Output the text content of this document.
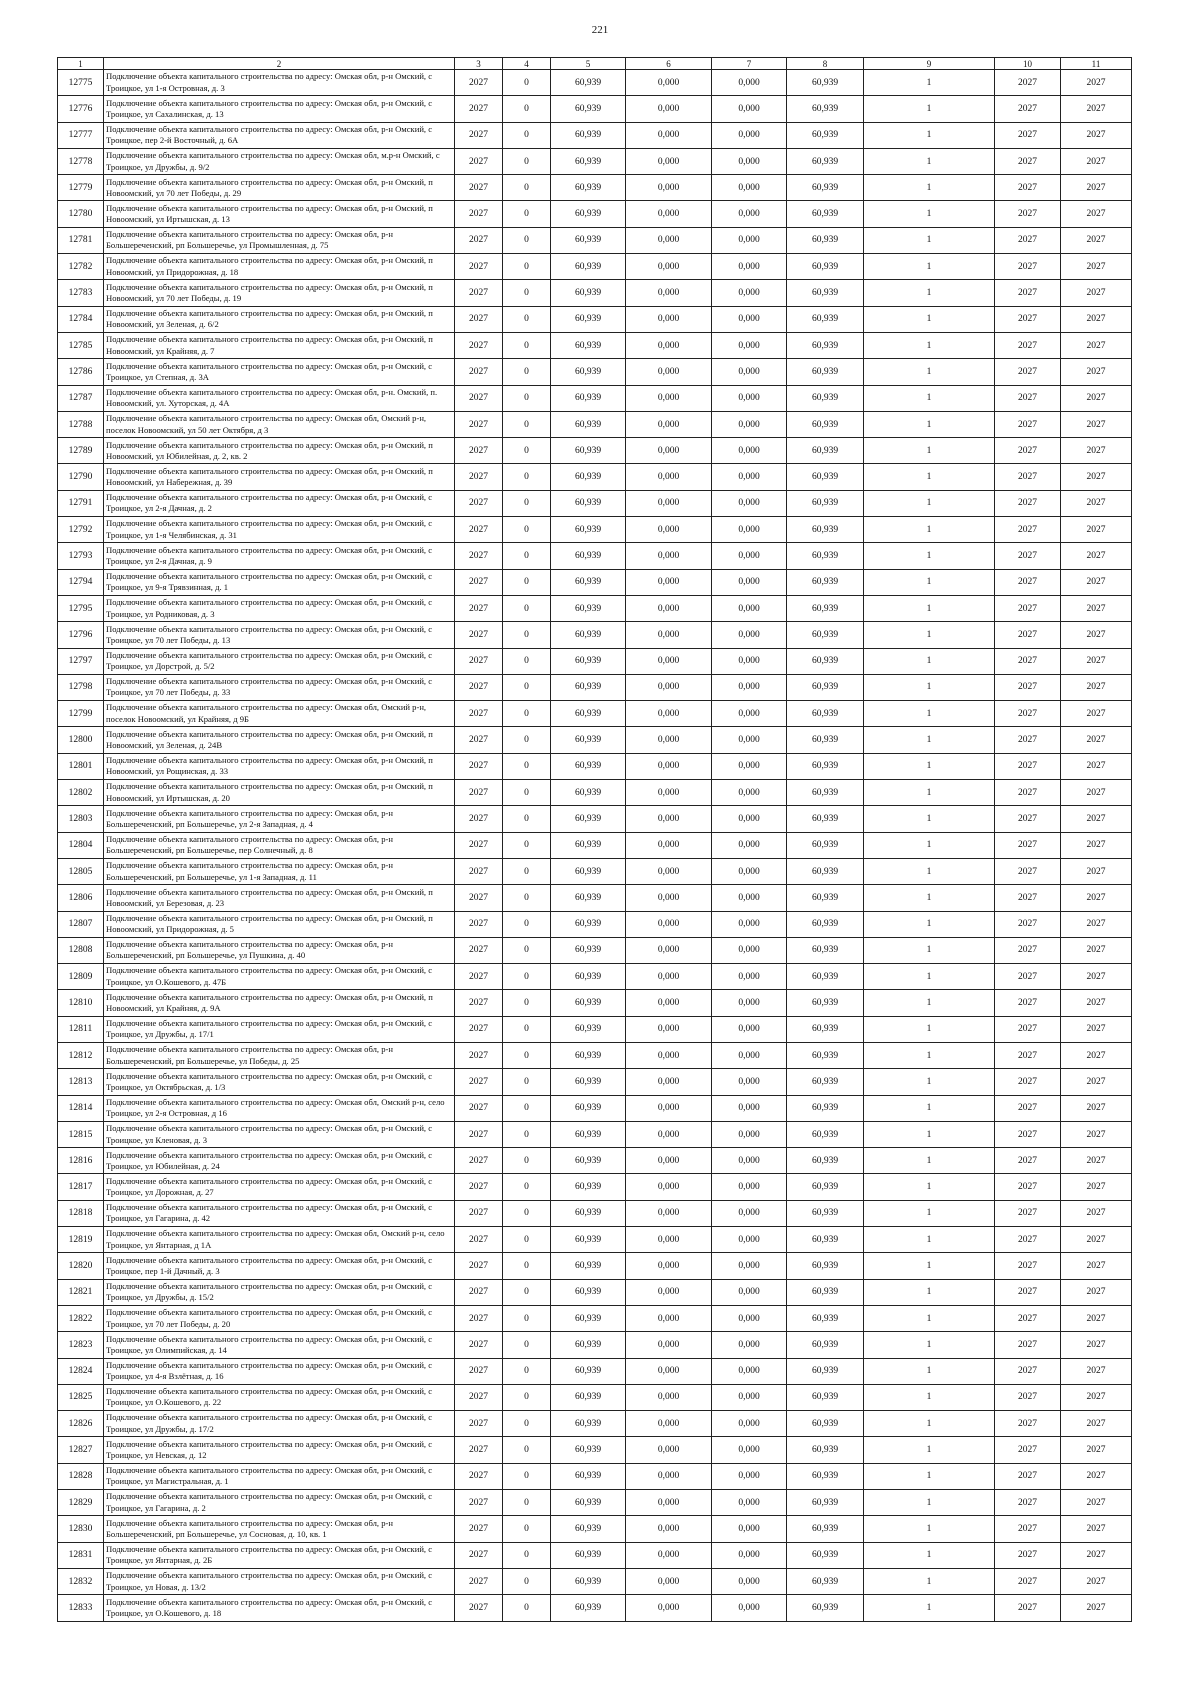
221
1	2	3	4	5	6	7	8	9	10	11
12775	Подключение объекта капитального строительства по адресу: Омская обл, р-н Омский, с Троицкое, ул 1-я Островная, д. 3	2027	0	60,939	0,000	0,000	60,939	1	2027	2027
12776	Подключение объекта капитального строительства по адресу: Омская обл, р-н Омский, с Троицкое, ул Сахалинская, д. 13	2027	0	60,939	0,000	0,000	60,939	1	2027	2027
12777	Подключение объекта капитального строительства по адресу: Омская обл, р-н Омский, с Троицкое, пер 2-й Восточный, д. 6А	2027	0	60,939	0,000	0,000	60,939	1	2027	2027
12778	Подключение объекта капитального строительства по адресу: Омская обл, м.р-н Омский, с Троицкое, ул Дружбы, д. 9/2	2027	0	60,939	0,000	0,000	60,939	1	2027	2027
12779	Подключение объекта капитального строительства по адресу: Омская обл, р-н Омский, п Новоомский, ул 70 лет Победы, д. 29	2027	0	60,939	0,000	0,000	60,939	1	2027	2027
12780	Подключение объекта капитального строительства по адресу: Омская обл, р-н Омский, п Новоомский, ул Иртышская, д. 13	2027	0	60,939	0,000	0,000	60,939	1	2027	2027
12781	Подключение объекта капитального строительства по адресу: Омская обл, р-н Большереченский, рп Большеречье, ул Промышленная, д. 75	2027	0	60,939	0,000	0,000	60,939	1	2027	2027
12782	Подключение объекта капитального строительства по адресу: Омская обл, р-н Омский, п Новоомский, ул Придорожная, д. 18	2027	0	60,939	0,000	0,000	60,939	1	2027	2027
12783	Подключение объекта капитального строительства по адресу: Омская обл, р-н Омский, п Новоомский, ул 70 лет Победы, д. 19	2027	0	60,939	0,000	0,000	60,939	1	2027	2027
12784	Подключение объекта капитального строительства по адресу: Омская обл, р-н Омский, п Новоомский, ул Зеленая, д. 6/2	2027	0	60,939	0,000	0,000	60,939	1	2027	2027
12785	Подключение объекта капитального строительства по адресу: Омская обл, р-н Омский, п Новоомский, ул Крайняя, д. 7	2027	0	60,939	0,000	0,000	60,939	1	2027	2027
12786	Подключение объекта капитального строительства по адресу: Омская обл, р-н Омский, с Троицкое, ул Степная, д. 3А	2027	0	60,939	0,000	0,000	60,939	1	2027	2027
12787	Подключение объекта капитального строительства по адресу: Омская обл, р-н. Омский, п. Новоомский, ул. Хуторская, д. 4А	2027	0	60,939	0,000	0,000	60,939	1	2027	2027
12788	Подключение объекта капитального строительства по адресу: Омская обл, Омский р-н, поселок Новоомский, ул 50 лет Октября, д 3	2027	0	60,939	0,000	0,000	60,939	1	2027	2027
12789	Подключение объекта капитального строительства по адресу: Омская обл, р-н Омский, п Новоомский, ул Юбилейная, д. 2, кв. 2	2027	0	60,939	0,000	0,000	60,939	1	2027	2027
12790	Подключение объекта капитального строительства по адресу: Омская обл, р-н Омский, п Новоомский, ул Набережная, д. 39	2027	0	60,939	0,000	0,000	60,939	1	2027	2027
12791	Подключение объекта капитального строительства по адресу: Омская обл, р-н Омский, с Троицкое, ул 2-я Дачная, д. 2	2027	0	60,939	0,000	0,000	60,939	1	2027	2027
12792	Подключение объекта капитального строительства по адресу: Омская обл, р-н Омский, с Троицкое, ул 1-я Челябинская, д. 31	2027	0	60,939	0,000	0,000	60,939	1	2027	2027
12793	Подключение объекта капитального строительства по адресу: Омская обл, р-н Омский, с Троицкое, ул 2-я Дачная, д. 9	2027	0	60,939	0,000	0,000	60,939	1	2027	2027
12794	Подключение объекта капитального строительства по адресу: Омская обл, р-н Омский, с Троицкое, ул 9-я Трявзинная, д. 1	2027	0	60,939	0,000	0,000	60,939	1	2027	2027
12795	Подключение объекта капитального строительства по адресу: Омская обл, р-н Омский, с Троицкое, ул Родниковая, д. 3	2027	0	60,939	0,000	0,000	60,939	1	2027	2027
12796	Подключение объекта капитального строительства по адресу: Омская обл, р-н Омский, с Троицкое, ул 70 лет Победы, д. 13	2027	0	60,939	0,000	0,000	60,939	1	2027	2027
12797	Подключение объекта капитального строительства по адресу: Омская обл, р-н Омский, с Троицкое, ул Дорстрой, д. 5/2	2027	0	60,939	0,000	0,000	60,939	1	2027	2027
12798	Подключение объекта капитального строительства по адресу: Омская обл, р-н Омский, с Троицкое, ул 70 лет Победы, д. 33	2027	0	60,939	0,000	0,000	60,939	1	2027	2027
12799	Подключение объекта капитального строительства по адресу: Омская обл, Омский р-н, поселок Новоомский, ул Крайняя, д 9Б	2027	0	60,939	0,000	0,000	60,939	1	2027	2027
12800	Подключение объекта капитального строительства по адресу: Омская обл, р-н Омский, п Новоомский, ул Зеленая, д. 24В	2027	0	60,939	0,000	0,000	60,939	1	2027	2027
12801	Подключение объекта капитального строительства по адресу: Омская обл, р-н Омский, п Новоомский, ул Рощинская, д. 33	2027	0	60,939	0,000	0,000	60,939	1	2027	2027
12802	Подключение объекта капитального строительства по адресу: Омская обл, р-н Омский, п Новоомский, ул Иртышская, д. 20	2027	0	60,939	0,000	0,000	60,939	1	2027	2027
12803	Подключение объекта капитального строительства по адресу: Омская обл, р-н Большереченский, рп Большеречье, ул 2-я Западная, д. 4	2027	0	60,939	0,000	0,000	60,939	1	2027	2027
12804	Подключение объекта капитального строительства по адресу: Омская обл, р-н Большереченский, рп Большеречье, пер Солнечный, д. 8	2027	0	60,939	0,000	0,000	60,939	1	2027	2027
12805	Подключение объекта капитального строительства по адресу: Омская обл, р-н Большереченский, рп Большеречье, ул 1-я Западная, д. 11	2027	0	60,939	0,000	0,000	60,939	1	2027	2027
12806	Подключение объекта капитального строительства по адресу: Омская обл, р-н Омский, п Новоомский, ул Березовая, д. 23	2027	0	60,939	0,000	0,000	60,939	1	2027	2027
12807	Подключение объекта капитального строительства по адресу: Омская обл, р-н Омский, п Новоомский, ул Придорожная, д. 5	2027	0	60,939	0,000	0,000	60,939	1	2027	2027
12808	Подключение объекта капитального строительства по адресу: Омская обл, р-н Большереченский, рп Большеречье, ул Пушкина, д. 40	2027	0	60,939	0,000	0,000	60,939	1	2027	2027
12809	Подключение объекта капитального строительства по адресу: Омская обл, р-н Омский, с Троицкое, ул О.Кошевого, д. 47Б	2027	0	60,939	0,000	0,000	60,939	1	2027	2027
12810	Подключение объекта капитального строительства по адресу: Омская обл, р-н Омский, п Новоомский, ул Крайняя, д. 9А	2027	0	60,939	0,000	0,000	60,939	1	2027	2027
12811	Подключение объекта капитального строительства по адресу: Омская обл, р-н Омский, с Троицкое, ул Дружбы, д. 17/1	2027	0	60,939	0,000	0,000	60,939	1	2027	2027
12812	Подключение объекта капитального строительства по адресу: Омская обл, р-н Большереченский, рп Большеречье, ул Победы, д. 25	2027	0	60,939	0,000	0,000	60,939	1	2027	2027
12813	Подключение объекта капитального строительства по адресу: Омская обл, р-н Омский, с Троицкое, ул Октябрьская, д. 1/3	2027	0	60,939	0,000	0,000	60,939	1	2027	2027
12814	Подключение объекта капитального строительства по адресу: Омская обл, Омский р-н, село Троицкое, ул 2-я Островная, д 16	2027	0	60,939	0,000	0,000	60,939	1	2027	2027
12815	Подключение объекта капитального строительства по адресу: Омская обл, р-н Омский, с Троицкое, ул Кленовая, д. 3	2027	0	60,939	0,000	0,000	60,939	1	2027	2027
12816	Подключение объекта капитального строительства по адресу: Омская обл, р-н Омский, с Троицкое, ул Юбилейная, д. 24	2027	0	60,939	0,000	0,000	60,939	1	2027	2027
12817	Подключение объекта капитального строительства по адресу: Омская обл, р-н Омский, с Троицкое, ул Дорожная, д. 27	2027	0	60,939	0,000	0,000	60,939	1	2027	2027
12818	Подключение объекта капитального строительства по адресу: Омская обл, р-н Омский, с Троицкое, ул Гагарина, д. 42	2027	0	60,939	0,000	0,000	60,939	1	2027	2027
12819	Подключение объекта капитального строительства по адресу: Омская обл, Омский р-н, село Троицкое, ул Янтарная, д 1А	2027	0	60,939	0,000	0,000	60,939	1	2027	2027
12820	Подключение объекта капитального строительства по адресу: Омская обл, р-н Омский, с Троицкое, пер 1-й Дачный, д. 3	2027	0	60,939	0,000	0,000	60,939	1	2027	2027
12821	Подключение объекта капитального строительства по адресу: Омская обл, р-н Омский, с Троицкое, ул Дружбы, д. 15/2	2027	0	60,939	0,000	0,000	60,939	1	2027	2027
12822	Подключение объекта капитального строительства по адресу: Омская обл, р-н Омский, с Троицкое, ул 70 лет Победы, д. 20	2027	0	60,939	0,000	0,000	60,939	1	2027	2027
12823	Подключение объекта капитального строительства по адресу: Омская обл, р-н Омский, с Троицкое, ул Олимпийская, д. 14	2027	0	60,939	0,000	0,000	60,939	1	2027	2027
12824	Подключение объекта капитального строительства по адресу: Омская обл, р-н Омский, с Троицкое, ул 4-я Взлётная, д. 16	2027	0	60,939	0,000	0,000	60,939	1	2027	2027
12825	Подключение объекта капитального строительства по адресу: Омская обл, р-н Омский, с Троицкое, ул О.Кошевого, д. 22	2027	0	60,939	0,000	0,000	60,939	1	2027	2027
12826	Подключение объекта капитального строительства по адресу: Омская обл, р-н Омский, с Троицкое, ул Дружбы, д. 17/2	2027	0	60,939	0,000	0,000	60,939	1	2027	2027
12827	Подключение объекта капитального строительства по адресу: Омская обл, р-н Омский, с Троицкое, ул Невская, д. 12	2027	0	60,939	0,000	0,000	60,939	1	2027	2027
12828	Подключение объекта капитального строительства по адресу: Омская обл, р-н Омский, с Троицкое, ул Магистральная, д. 1	2027	0	60,939	0,000	0,000	60,939	1	2027	2027
12829	Подключение объекта капитального строительства по адресу: Омская обл, р-н Омский, с Троицкое, ул Гагарина, д. 2	2027	0	60,939	0,000	0,000	60,939	1	2027	2027
12830	Подключение объекта капитального строительства по адресу: Омская обл, р-н Большереченский, рп Большеречье, ул Сосновая, д. 10, кв. 1	2027	0	60,939	0,000	0,000	60,939	1	2027	2027
12831	Подключение объекта капитального строительства по адресу: Омская обл, р-н Омский, с Троицкое, ул Янтарная, д. 2Б	2027	0	60,939	0,000	0,000	60,939	1	2027	2027
12832	Подключение объекта капитального строительства по адресу: Омская обл, р-н Омский, с Троицкое, ул Новая, д. 13/2	2027	0	60,939	0,000	0,000	60,939	1	2027	2027
12833	Подключение объекта капитального строительства по адресу: Омская обл, р-н Омский, с Троицкое, ул О.Кошевого, д. 18	2027	0	60,939	0,000	0,000	60,939	1	2027	2027
